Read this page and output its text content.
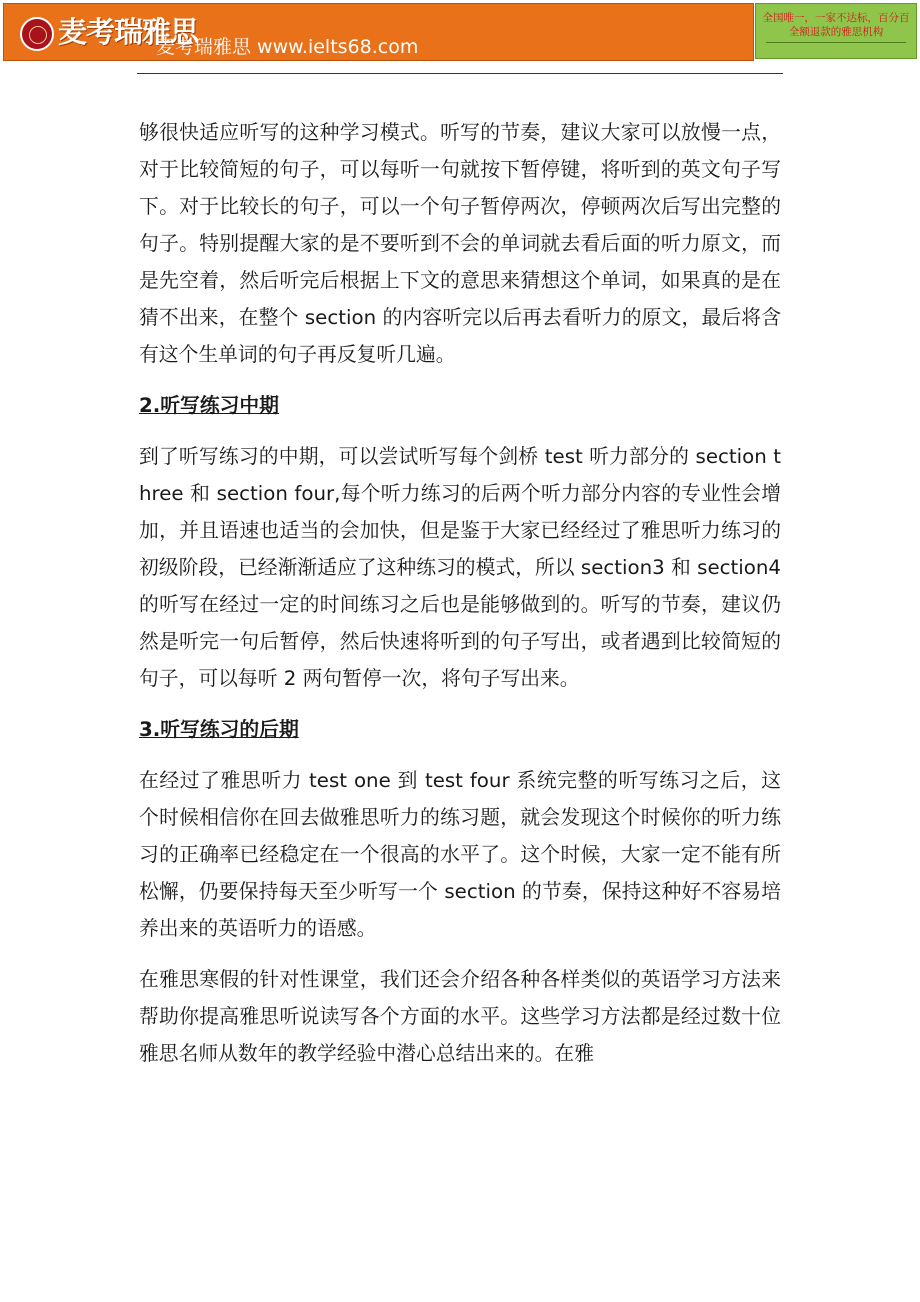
麦考瑞雅思
麦考瑞雅思 www.ielts68.com
全国唯一，一家不达标，百分百全额退款的雅思机构

够很快适应听写的这种学习模式。听写的节奏，建议大家可以放慢一点，对于比较简短的句子，可以每听一句就按下暂停键，将听到的英文句子写下。对于比较长的句子，可以一个句子暂停两次，停顿两次后写出完整的句子。特别提醒大家的是不要听到不会的单词就去看后面的听力原文，而是先空着，然后听完后根据上下文的意思来猜想这个单词，如果真的是在猜不出来，在整个 section 的内容听完以后再去看听力的原文，最后将含有这个生单词的句子再反复听几遍。

2.听写练习中期

到了听写练习的中期，可以尝试听写每个剑桥 test 听力部分的 section three 和 section four,每个听力练习的后两个听力部分内容的专业性会增加，并且语速也适当的会加快，但是鉴于大家已经经过了雅思听力练习的初级阶段，已经渐渐适应了这种练习的模式，所以 section3 和 section4 的听写在经过一定的时间练习之后也是能够做到的。听写的节奏，建议仍然是听完一句后暂停，然后快速将听到的句子写出，或者遇到比较简短的句子，可以每听 2 两句暂停一次，将句子写出来。

3.听写练习的后期

在经过了雅思听力 test one 到 test four 系统完整的听写练习之后，这个时候相信你在回去做雅思听力的练习题，就会发现这个时候你的听力练习的正确率已经稳定在一个很高的水平了。这个时候，大家一定不能有所松懈，仍要保持每天至少听写一个 section 的节奏，保持这种好不容易培养出来的英语听力的语感。

在雅思寒假的针对性课堂，我们还会介绍各种各样类似的英语学习方法来帮助你提高雅思听说读写各个方面的水平。这些学习方法都是经过数十位雅思名师从数年的教学经验中潜心总结出来的。在雅
